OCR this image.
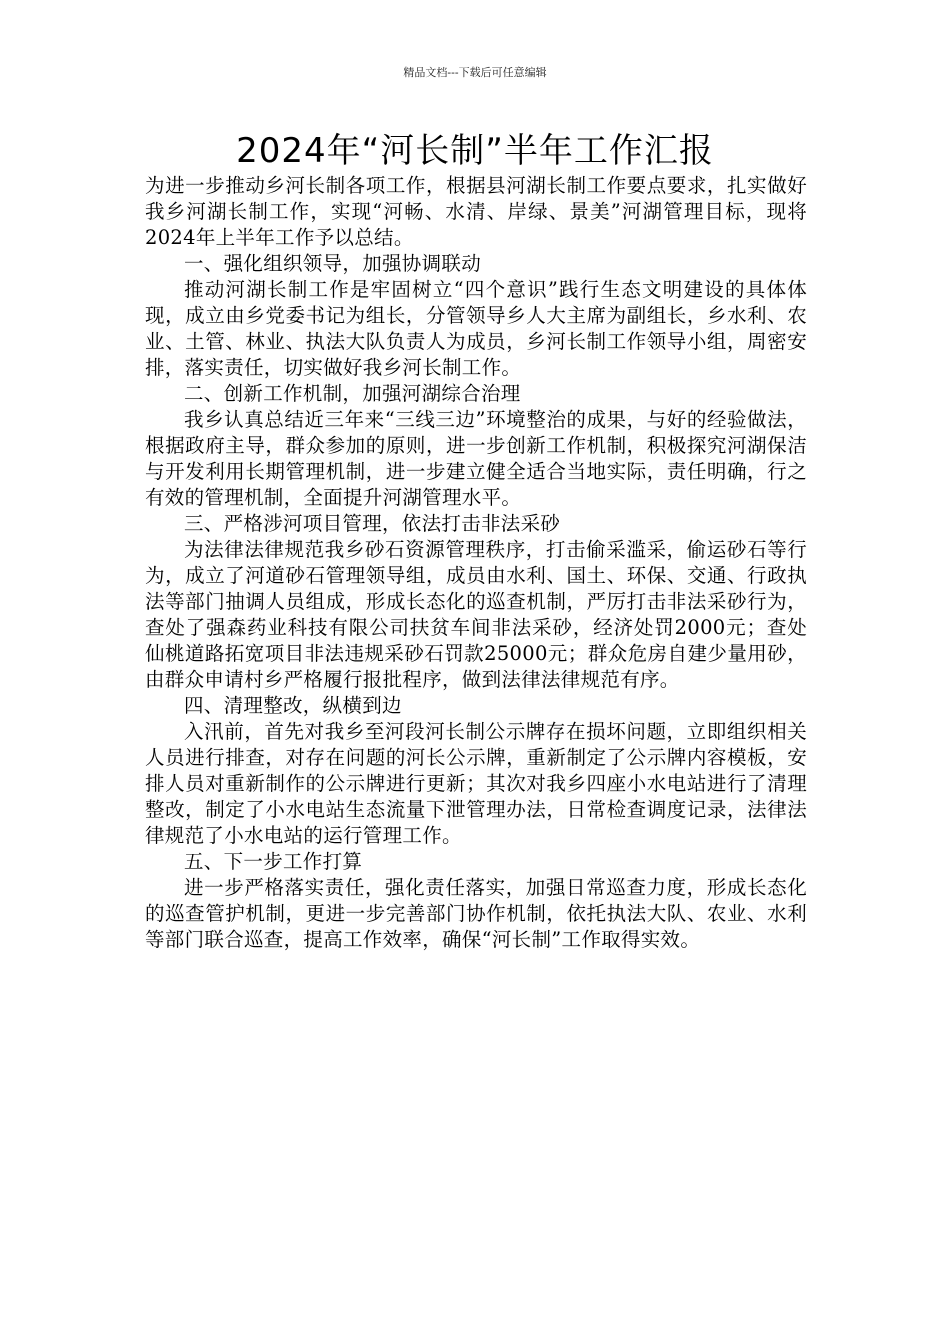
精品文档---下载后可任意编辑
2024年“河长制”半年工作汇报

为进一步推动乡河长制各项工作，根据县河湖长制工作要点要求，扎实做好我乡河湖长制工作，实现“河畅、水清、岸绿、景美”河湖管理目标，现将2024年上半年工作予以总结。

一、强化组织领导，加强协调联动

推动河湖长制工作是牢固树立“四个意识”践行生态文明建设的具体体现，成立由乡党委书记为组长，分管领导乡人大主席为副组长，乡水利、农业、土管、林业、执法大队负责人为成员，乡河长制工作领导小组，周密安排，落实责任，切实做好我乡河长制工作。

二、创新工作机制，加强河湖综合治理

我乡认真总结近三年来“三线三边”环境整治的成果，与好的经验做法，根据政府主导，群众参加的原则，进一步创新工作机制，积极探究河湖保洁与开发利用长期管理机制，进一步建立健全适合当地实际，责任明确，行之有效的管理机制，全面提升河湖管理水平。

三、严格涉河项目管理，依法打击非法采砂

为法律法律规范我乡砂石资源管理秩序，打击偷采滥采，偷运砂石等行为，成立了河道砂石管理领导组，成员由水利、国土、环保、交通、行政执法等部门抽调人员组成，形成长态化的巡查机制，严厉打击非法采砂行为，查处了强森药业科技有限公司扶贫车间非法采砂，经济处罚2000元；查处仙桃道路拓宽项目非法违规采砂石罚款25000元；群众危房自建少量用砂，由群众申请村乡严格履行报批程序，做到法律法律规范有序。

四、清理整改，纵横到边

入汛前，首先对我乡至河段河长制公示牌存在损坏问题，立即组织相关人员进行排查，对存在问题的河长公示牌，重新制定了公示牌内容模板，安排人员对重新制作的公示牌进行更新；其次对我乡四座小水电站进行了清理整改，制定了小水电站生态流量下泄管理办法，日常检查调度记录，法律法律规范了小水电站的运行管理工作。

五、下一步工作打算

进一步严格落实责任，强化责任落实，加强日常巡查力度，形成长态化的巡查管护机制，更进一步完善部门协作机制，依托执法大队、农业、水利等部门联合巡查，提高工作效率，确保“河长制”工作取得实效。
